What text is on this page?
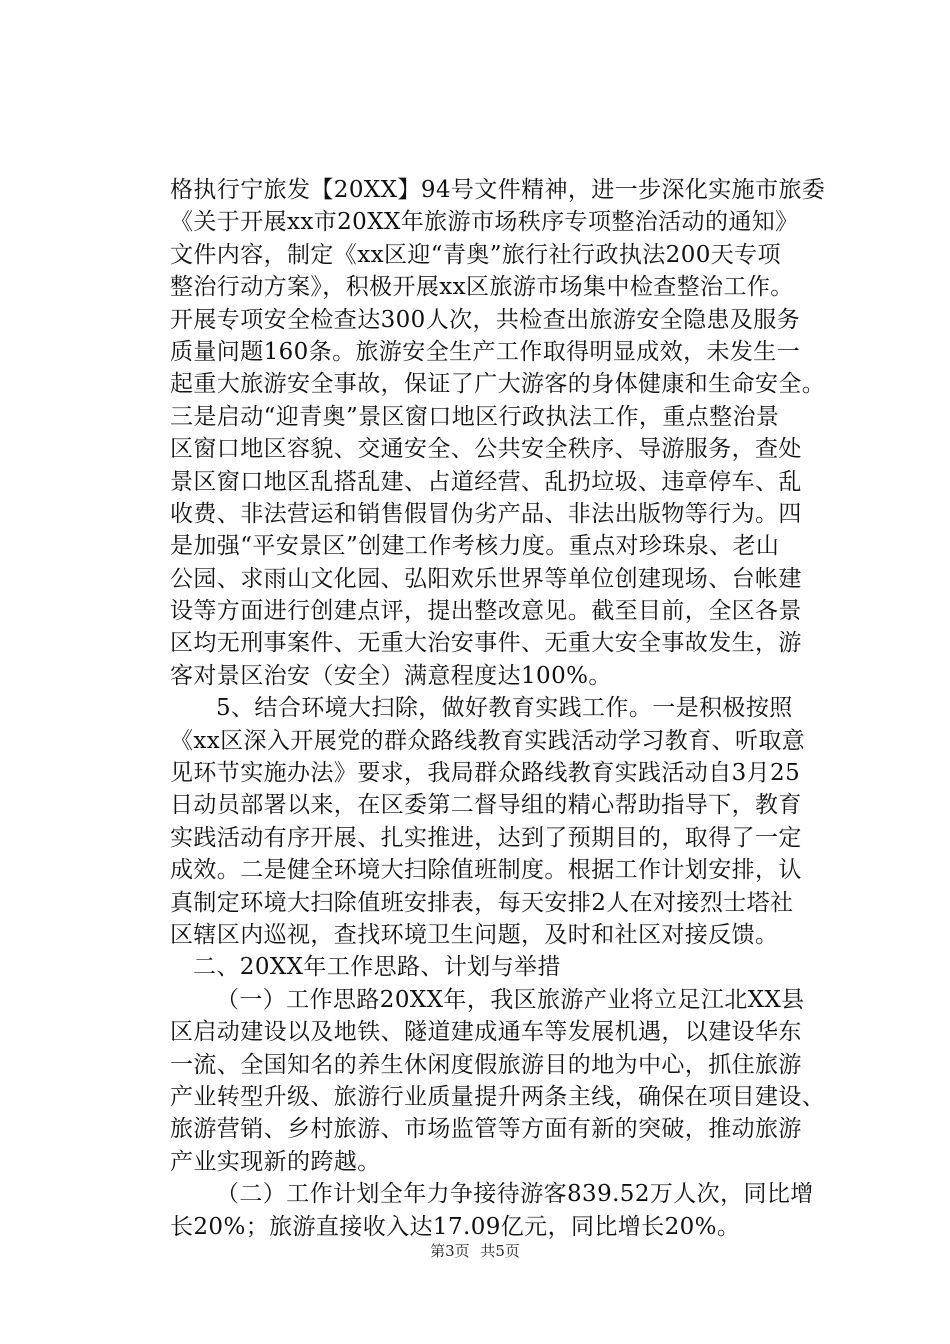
格执行宁旅发【20XX】94号文件精神，进一步深化实施市旅委
《关于开展xx市20XX年旅游市场秩序专项整治活动的通知》
文件内容，制定《xx区迎“青奥”旅行社行政执法200天专项
整治行动方案》，积极开展xx区旅游市场集中检查整治工作。
开展专项安全检查达300人次，共检查出旅游安全隐患及服务
质量问题160条。旅游安全生产工作取得明显成效，未发生一
起重大旅游安全事故，保证了广大游客的身体健康和生命安全。
三是启动“迎青奥”景区窗口地区行政执法工作，重点整治景
区窗口地区容貌、交通安全、公共安全秩序、导游服务，查处
景区窗口地区乱搭乱建、占道经营、乱扔垃圾、违章停车、乱
收费、非法营运和销售假冒伪劣产品、非法出版物等行为。四
是加强“平安景区”创建工作考核力度。重点对珍珠泉、老山
公园、求雨山文化园、弘阳欢乐世界等单位创建现场、台帐建
设等方面进行创建点评，提出整改意见。截至目前，全区各景
区均无刑事案件、无重大治安事件、无重大安全事故发生，游
客对景区治安（安全）满意程度达100%。
5、结合环境大扫除，做好教育实践工作。一是积极按照
《xx区深入开展党的群众路线教育实践活动学习教育、听取意
见环节实施办法》要求，我局群众路线教育实践活动自3月25
日动员部署以来，在区委第二督导组的精心帮助指导下，教育
实践活动有序开展、扎实推进，达到了预期目的，取得了一定
成效。二是健全环境大扫除值班制度。根据工作计划安排，认
真制定环境大扫除值班安排表，每天安排2人在对接烈士塔社
区辖区内巡视，查找环境卫生问题，及时和社区对接反馈。
二、20XX年工作思路、计划与举措
（一）工作思路20XX年，我区旅游产业将立足江北XX县
区启动建设以及地铁、隧道建成通车等发展机遇，以建设华东
一流、全国知名的养生休闲度假旅游目的地为中心，抓住旅游
产业转型升级、旅游行业质量提升两条主线，确保在项目建设、
旅游营销、乡村旅游、市场监管等方面有新的突破，推动旅游
产业实现新的跨越。
（二）工作计划全年力争接待游客839.52万人次，同比增
长20%；旅游直接收入达17.09亿元，同比增长20%。
第3页 共5页
